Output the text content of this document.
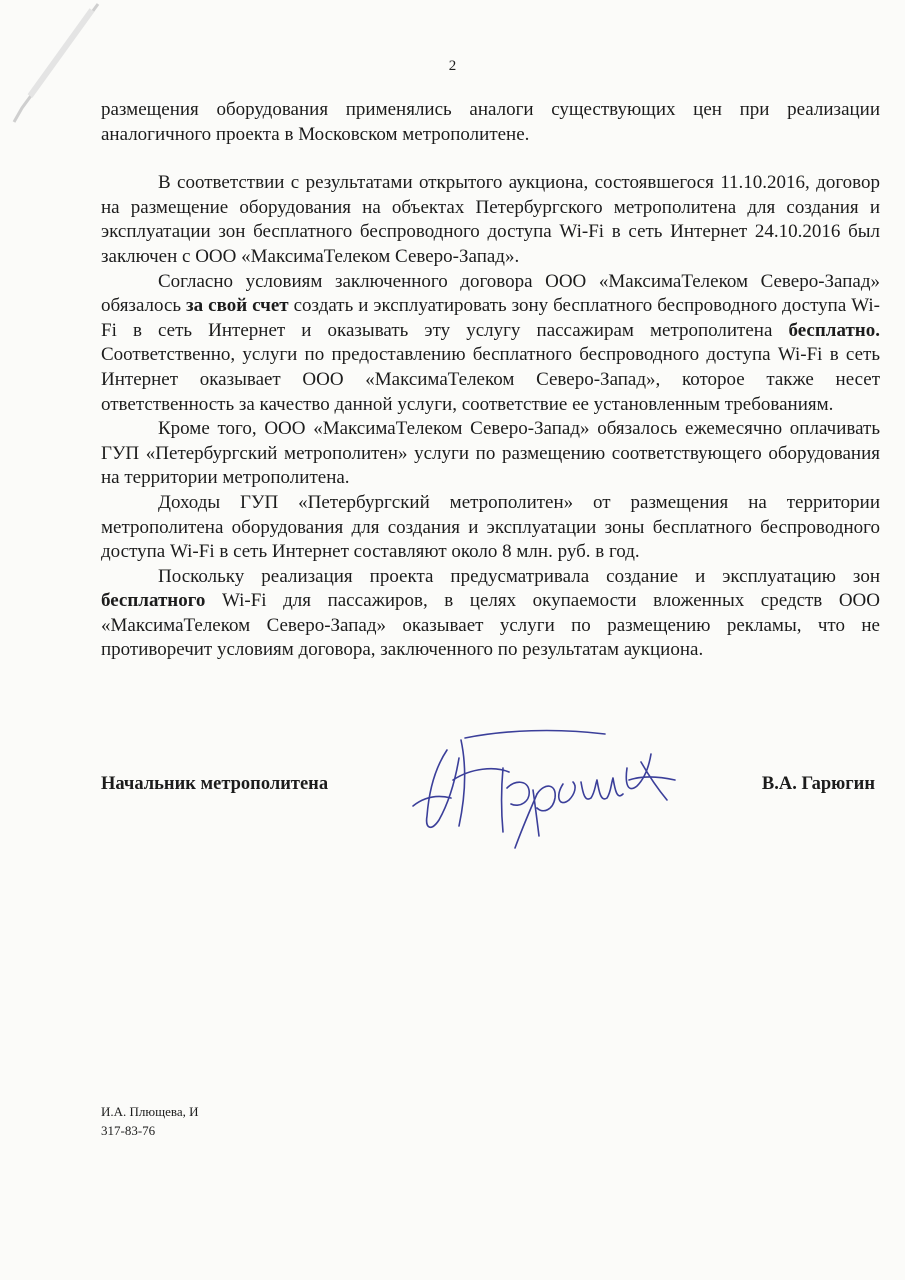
2

размещения оборудования применялись аналоги существующих цен при реализации аналогичного проекта в Московском метрополитене.

В соответствии с результатами открытого аукциона, состоявшегося 11.10.2016, договор на размещение оборудования на объектах Петербургского метрополитена для создания и эксплуатации зон бесплатного беспроводного доступа Wi-Fi в сеть Интернет 24.10.2016 был заключен с ООО «МаксимаТелеком Северо-Запад».

Согласно условиям заключенного договора ООО «МаксимаТелеком Северо-Запад» обязалось за свой счет создать и эксплуатировать зону бесплатного беспроводного доступа Wi-Fi в сеть Интернет и оказывать эту услугу пассажирам метрополитена бесплатно. Соответственно, услуги по предоставлению бесплатного беспроводного доступа Wi-Fi в сеть Интернет оказывает ООО «МаксимаТелеком Северо-Запад», которое также несет ответственность за качество данной услуги, соответствие ее установленным требованиям.

Кроме того, ООО «МаксимаТелеком Северо-Запад» обязалось ежемесячно оплачивать ГУП «Петербургский метрополитен» услуги по размещению соответствующего оборудования на территории метрополитена.

Доходы ГУП «Петербургский метрополитен» от размещения на территории метрополитена оборудования для создания и эксплуатации зоны бесплатного беспроводного доступа Wi-Fi в сеть Интернет составляют около 8 млн. руб. в год.

Поскольку реализация проекта предусматривала создание и эксплуатацию зон бесплатного Wi-Fi для пассажиров, в целях окупаемости вложенных средств ООО «МаксимаТелеком Северо-Запад» оказывает услуги по размещению рекламы, что не противоречит условиям договора, заключенного по результатам аукциона.

Начальник метрополитена	В.А. Гарюгин
И.А. Плющева, И
317-83-76
